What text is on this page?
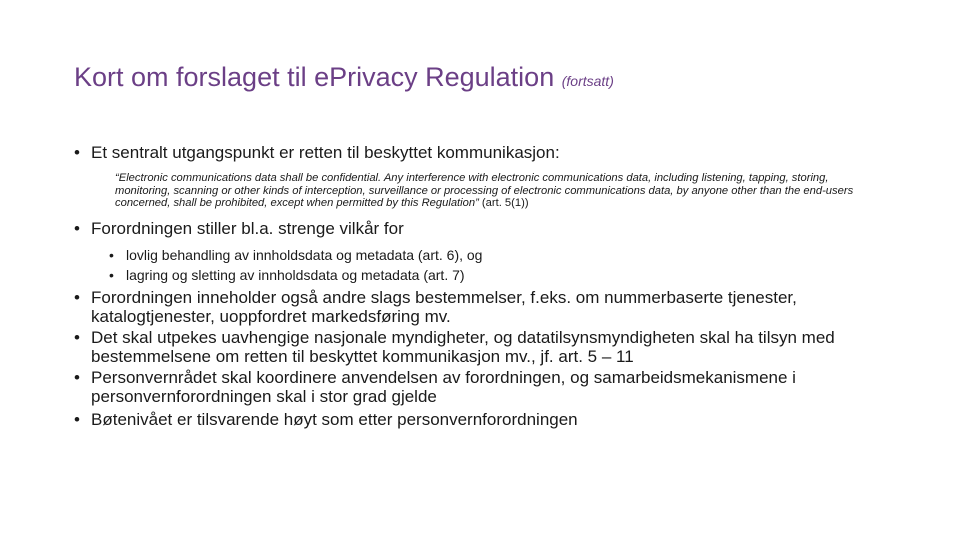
Kort om forslaget til ePrivacy Regulation (fortsatt)
• Et sentralt utgangspunkt er retten til beskyttet kommunikasjon:
“Electronic communications data shall be confidential. Any interference with electronic communications data, including listening, tapping, storing, monitoring, scanning or other kinds of interception, surveillance or processing of electronic communications data, by anyone other than the end-users concerned, shall be prohibited, except when permitted by this Regulation” (art. 5(1))
• Forordningen stiller bl.a. strenge vilkår for
• lovlig behandling av innholdsdata og metadata (art. 6), og
• lagring og sletting av innholdsdata og metadata (art. 7)
• Forordningen inneholder også andre slags bestemmelser, f.eks. om nummerbaserte tjenester, katalogtjenester, uoppfordret markedsføring mv.
• Det skal utpekes uavhengige nasjonale myndigheter, og datatilsynsmyndigheten skal ha tilsyn med bestemmelsene om retten til beskyttet kommunikasjon mv., jf. art. 5 – 11
• Personvernrådet skal koordinere anvendelsen av forordningen, og samarbeidsmekanismene i personvernforordningen skal i stor grad gjelde
• Bøtenivået er tilsvarende høyt som etter personvernforordningen
